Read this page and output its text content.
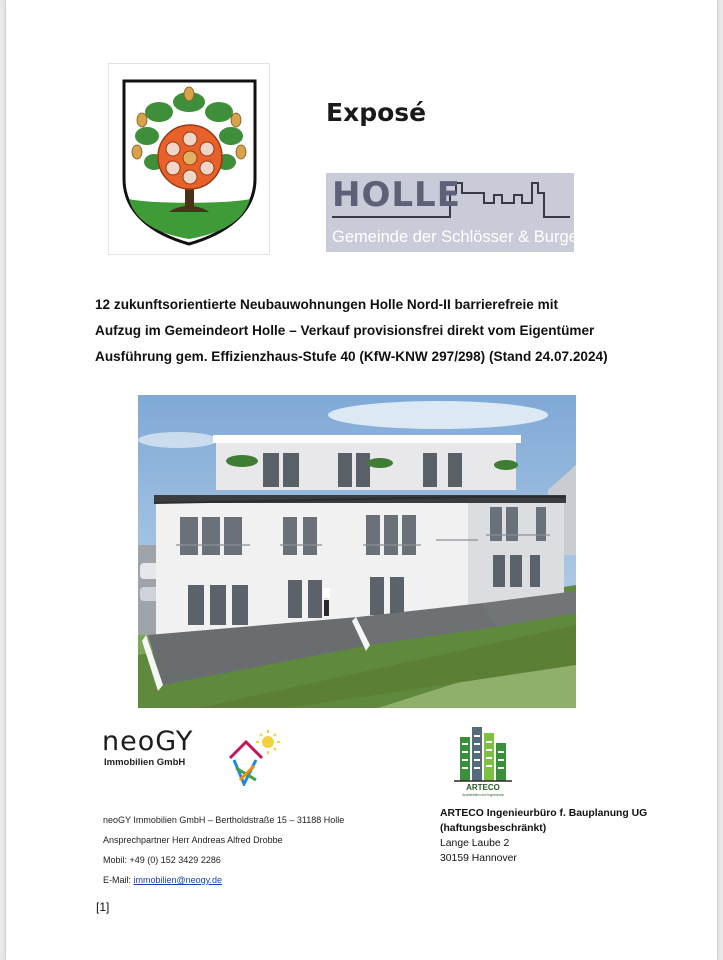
Exposé
HOLLE
Gemeinde der Schlösser & Burgen
12 zukunftsorientierte Neubauwohnungen Holle Nord-II barrierefreie mit
Aufzug im Gemeindeort Holle – Verkauf provisionsfrei direkt vom Eigentümer
Ausführung gem. Effizienzhaus-Stufe 40 (KfW-KNW 297/298) (Stand 24.07.2024)
neoGY
Immobilien GmbH
ARTECO
Architekten und Ingenieure
neoGY Immobilien GmbH – Bertholdstraße 15 – 31188 Holle
Ansprechpartner Herr Andreas Alfred Drobbe
Mobil: +49 (0) 152 3429 2286
E-Mail: immobilien@neogy.de
ARTECO Ingenieurbüro f. Bauplanung UG
(haftungsbeschränkt)
Lange Laube 2
30159 Hannover
[1]
